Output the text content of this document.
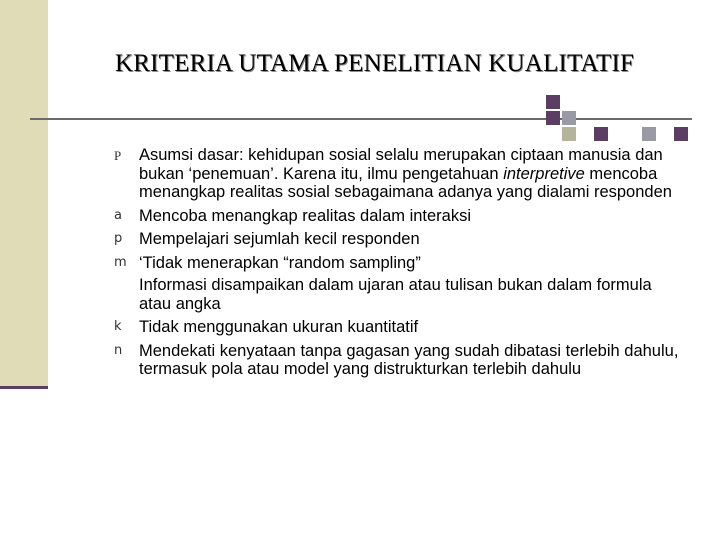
KRITERIA UTAMA PENELITIAN KUALITATIF
P Asumsi dasar: kehidupan sosial selalu merupakan ciptaan manusia dan bukan ‘penemuan’. Karena itu, ilmu pengetahuan interpretive mencoba menangkap realitas sosial sebagaimana adanya yang dialami responden
a Mencoba menangkap realitas dalam interaksi
p Mempelajari sejumlah kecil responden
m ‘Tidak menerapkan “random sampling”
Informasi disampaikan dalam ujaran atau tulisan bukan dalam formula atau angka
k Tidak menggunakan ukuran kuantitatif
n Mendekati kenyataan tanpa gagasan yang sudah dibatasi terlebih dahulu, termasuk pola atau model yang distrukturkan terlebih dahulu
